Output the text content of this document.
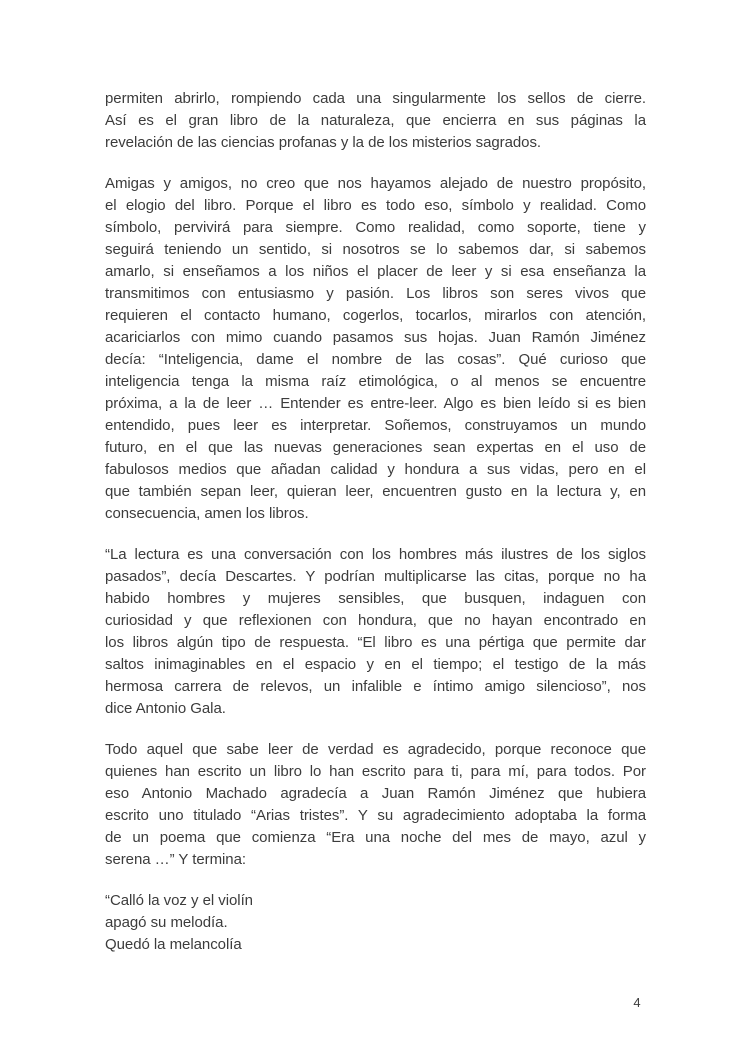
permiten abrirlo, rompiendo cada una singularmente los sellos de cierre.
Así es el gran libro de la naturaleza, que encierra en sus páginas la
revelación de las ciencias profanas y la de los misterios sagrados.
Amigas y amigos, no creo que nos hayamos alejado de nuestro propósito,
el elogio del libro. Porque el libro es todo eso, símbolo y realidad. Como
símbolo, pervivirá para siempre. Como realidad, como soporte, tiene y
seguirá teniendo un sentido, si nosotros se lo sabemos dar, si sabemos
amarlo, si enseñamos a los niños el placer de leer y si esa enseñanza la
transmitimos con entusiasmo y pasión. Los libros son seres vivos que
requieren el contacto humano, cogerlos, tocarlos, mirarlos con atención,
acariciarlos con mimo cuando pasamos sus hojas. Juan Ramón Jiménez
decía: “Inteligencia, dame el nombre de las cosas”. Qué curioso que
inteligencia tenga la misma raíz etimológica, o al menos se encuentre
próxima, a la de leer … Entender es entre-leer. Algo es bien leído si es bien
entendido, pues leer es interpretar. Soñemos, construyamos un mundo
futuro, en el que las nuevas generaciones sean expertas en el uso de
fabulosos medios que añadan calidad y hondura a sus vidas, pero en el
que también sepan leer, quieran leer, encuentren gusto en la lectura y, en
consecuencia, amen los libros.
“La lectura es una conversación con los hombres más ilustres de los siglos
pasados”, decía Descartes. Y podrían multiplicarse las citas, porque no ha
habido hombres y mujeres sensibles, que busquen, indaguen con
curiosidad y que reflexionen con hondura, que no hayan encontrado en
los libros algún tipo de respuesta. “El libro es una pértiga que permite dar
saltos inimaginables en el espacio y en el tiempo; el testigo de la más
hermosa carrera de relevos, un infalible e íntimo amigo silencioso”, nos
dice Antonio Gala.
Todo aquel que sabe leer de verdad es agradecido, porque reconoce que
quienes han escrito un libro lo han escrito para ti, para mí, para todos. Por
eso Antonio Machado agradecía a Juan Ramón Jiménez que hubiera
escrito uno titulado “Arias tristes”. Y su agradecimiento adoptaba la forma
de un poema que comienza “Era una noche del mes de mayo, azul y
serena …” Y termina:
“Calló la voz y el violín
apagó su melodía.
Quedó la melancolía
4
